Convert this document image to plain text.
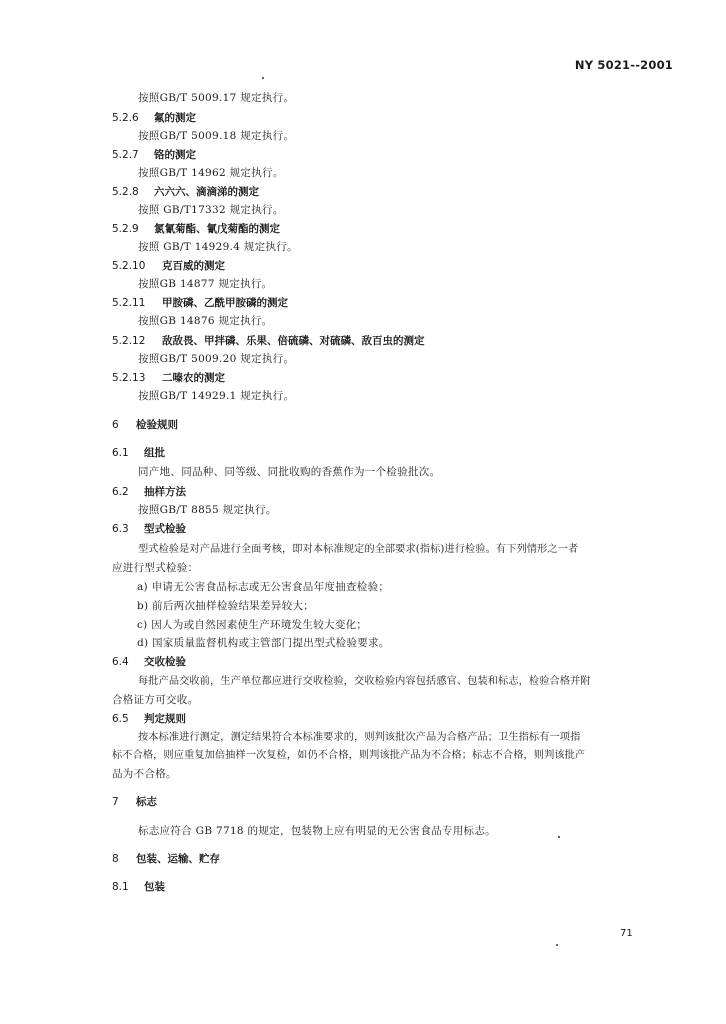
NY 5021--2001
按照GB/T 5009.17 规定执行。
5.2.6 氟的测定
按照GB/T 5009.18 规定执行。
5.2.7 铬的测定
按照GB/T 14962 规定执行。
5.2.8 六六六、滴滴涕的测定
按照 GB/T17332 规定执行。
5.2.9 氯氰菊酯、氰戊菊酯的测定
按照 GB/T 14929.4 规定执行。
5.2.10 克百威的测定
按照GB 14877 规定执行。
5.2.11 甲胺磷、乙酰甲胺磷的测定
按照GB 14876 规定执行。
5.2.12 敌敌畏、甲拌磷、乐果、倍硫磷、对硫磷、敌百虫的测定
按照GB/T 5009.20 规定执行。
5.2.13 二嗪农的测定
按照GB/T 14929.1 规定执行。
6 检验规则
6.1 组批
同产地、同品种、同等级、同批收购的香蕉作为一个检验批次。
6.2 抽样方法
按照GB/T 8855 规定执行。
6.3 型式检验
型式检验是对产品进行全面考核，即对本标准规定的全部要求(指标)进行检验。有下列情形之一者
应进行型式检验：
a) 申请无公害食品标志或无公害食品年度抽查检验；
b) 前后两次抽样检验结果差异较大；
c) 因人为或自然因素使生产环境发生较大变化；
d) 国家质量监督机构或主管部门提出型式检验要求。
6.4 交收检验
每批产品交收前，生产单位都应进行交收检验，交收检验内容包括感官、包装和标志，检验合格并附
合格证方可交收。
6.5 判定规则
按本标准进行测定，测定结果符合本标准要求的，则判该批次产品为合格产品；卫生指标有一项指
标不合格，则应重复加倍抽样一次复检，如仍不合格，则判该批产品为不合格；标志不合格，则判该批产
品为不合格。
7 标志
标志应符合 GB 7718 的规定，包装物上应有明显的无公害食品专用标志。
8 包装、运输、贮存
8.1 包装
71
